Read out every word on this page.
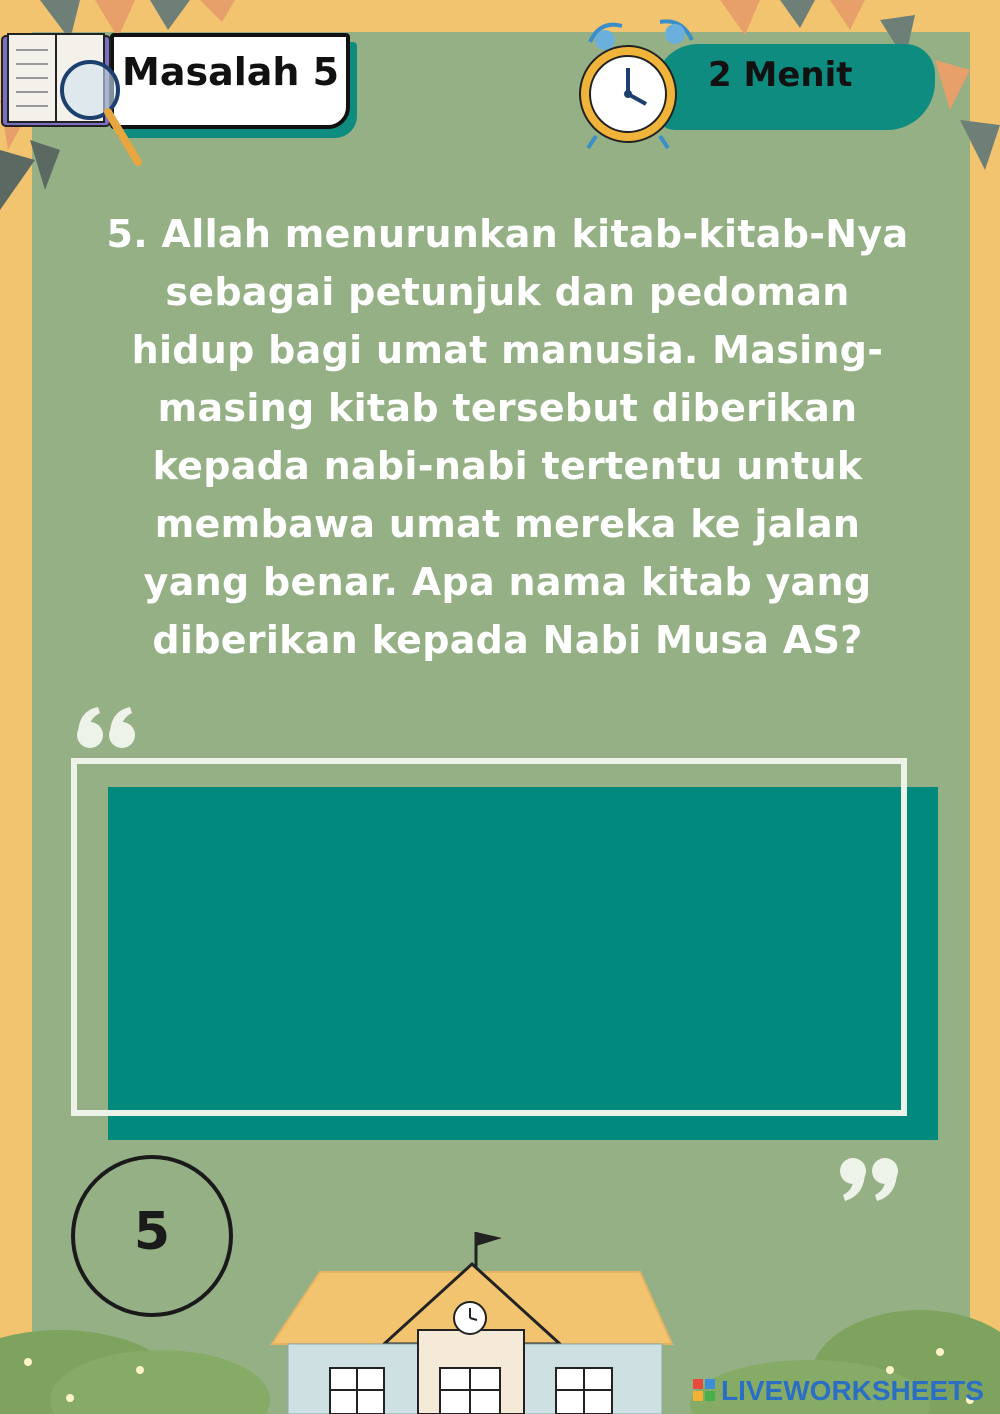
Masalah 5	2 Menit
5. Allah menurunkan kitab-kitab-Nya sebagai petunjuk dan pedoman hidup bagi umat manusia. Masing-masing kitab tersebut diberikan kepada nabi-nabi tertentu untuk membawa umat mereka ke jalan yang benar. Apa nama kitab yang diberikan kepada Nabi Musa AS?
5
LIVEWORKSHEETS
